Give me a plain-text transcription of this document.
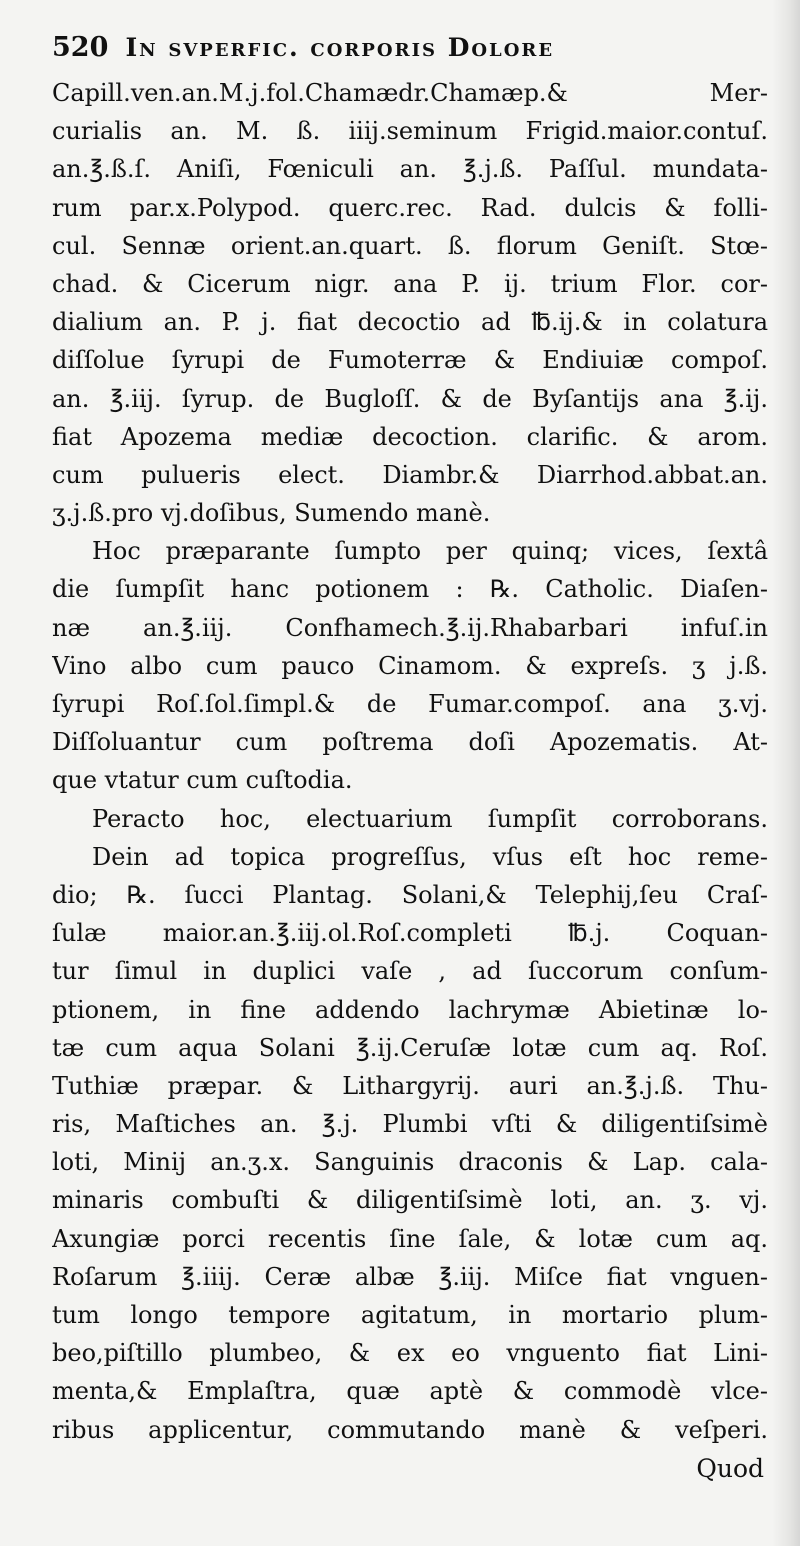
520 In svperfic. corporis Dolore
Capill.ven.an.M.j.fol.Chamædr.Chamæp.& Mer-
curialis an. M. ß. iiij.seminum Frigid.maior.contuſ.
an.℥.ß.ſ. Aniſi, Fœniculi an. ℥.j.ß. Paſſul. mundata-
rum par.x.Polypod. querc.rec. Rad. dulcis & folli-
cul. Sennæ orient.an.quart. ß. florum Geniſt. Stœ-
chad. & Cicerum nigr. ana P. ij. trium Flor. cor-
dialium an. P. j. fiat decoctio ad ℔.ij.& in colatura
diſſolue ſyrupi de Fumoterræ & Endiuiæ compoſ.
an. ℥.iij. ſyrup. de Bugloſſ. & de Byſantijs ana ℥.ij.
fiat Apozema mediæ decoction. clarific. & arom.
cum pulueris elect. Diambr.& Diarrhod.abbat.an.
ʒ.j.ß.pro vj.doſibus, Sumendo manè.
Hoc præparante ſumpto per quinq; vices, ſextâ
die ſumpſit hanc potionem : ℞. Catholic. Diaſen-
næ an.℥.iij. Confhamech.℥.ij.Rhabarbari infuſ.in
Vino albo cum pauco Cinamom. & expreſs. ʒ j.ß.
ſyrupi Roſ.ſol.ſimpl.& de Fumar.compoſ. ana ʒ.vj.
Diſſoluantur cum poſtrema doſi Apozematis. At-
que vtatur cum cuſtodia.
Peracto hoc, electuarium ſumpſit corroborans.
Dein ad topica progreſſus, vſus eſt hoc reme-
dio; ℞. ſucci Plantag. Solani,& Telephij,ſeu Craſ-
ſulæ maior.an.℥.iij.ol.Roſ.completi ℔.j. Coquan-
tur ſimul in duplici vaſe , ad ſuccorum conſum-
ptionem, in fine addendo lachrymæ Abietinæ lo-
tæ cum aqua Solani ℥.ij.Ceruſæ lotæ cum aq. Roſ.
Tuthiæ præpar. & Lithargyrij. auri an.℥.j.ß. Thu-
ris, Maſtiches an. ℥.j. Plumbi vſti & diligentiſsimè
loti, Minij an.ʒ.x. Sanguinis draconis & Lap. cala-
minaris combuſti & diligentiſsimè loti, an. ʒ. vj.
Axungiæ porci recentis ſine ſale, & lotæ cum aq.
Roſarum ℥.iiij. Ceræ albæ ℥.iij. Miſce fiat vnguen-
tum longo tempore agitatum, in mortario plum-
beo,piſtillo plumbeo, & ex eo vnguento fiat Lini-
menta,& Emplaſtra, quæ aptè & commodè vlce-
ribus applicentur, commutando manè & veſperi.
Quod
